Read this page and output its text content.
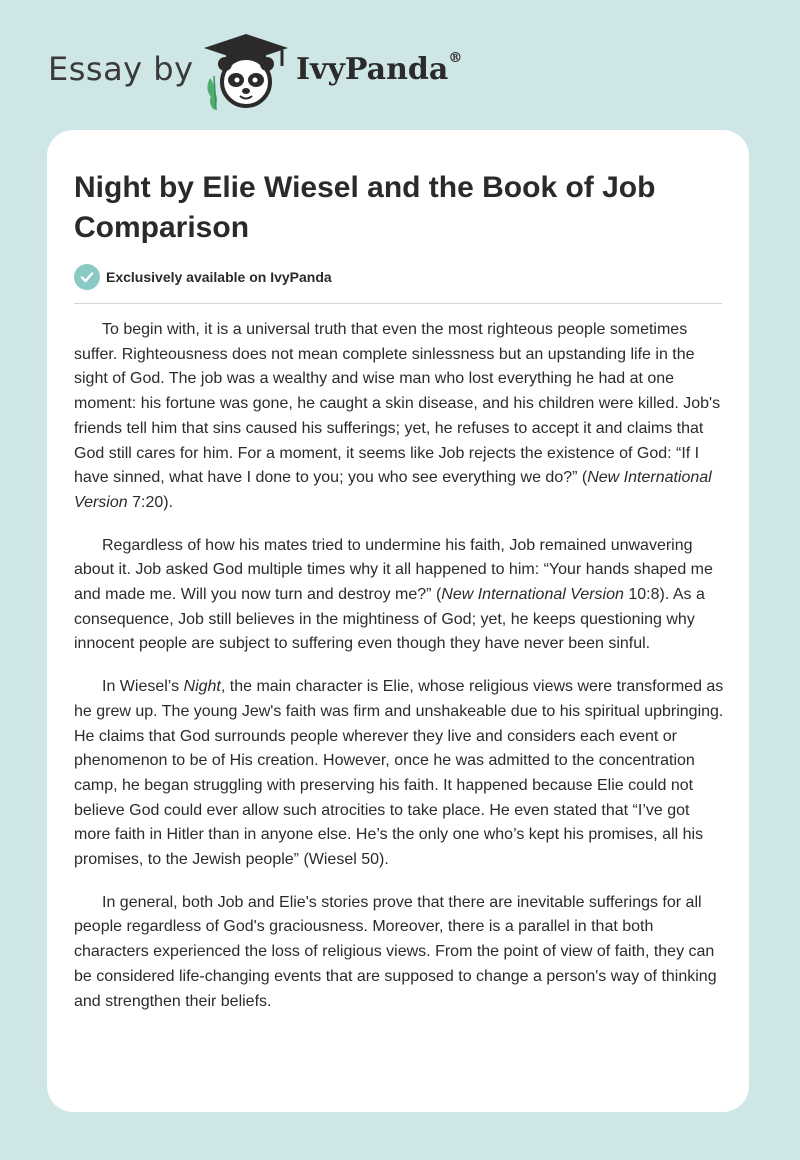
Essay by	IvyPanda®
Night by Elie Wiesel and the Book of Job Comparison
Exclusively available on IvyPanda

To begin with, it is a universal truth that even the most righteous people sometimes suffer. Righteousness does not mean complete sinlessness but an upstanding life in the sight of God. The job was a wealthy and wise man who lost everything he had at one moment: his fortune was gone, he caught a skin disease, and his children were killed. Job's friends tell him that sins caused his sufferings; yet, he refuses to accept it and claims that God still cares for him. For a moment, it seems like Job rejects the existence of God: “If I have sinned, what have I done to you; you who see everything we do?” (New International Version 7:20).

Regardless of how his mates tried to undermine his faith, Job remained unwavering about it. Job asked God multiple times why it all happened to him: “Your hands shaped me and made me. Will you now turn and destroy me?” (New International Version 10:8). As a consequence, Job still believes in the mightiness of God; yet, he keeps questioning why innocent people are subject to suffering even though they have never been sinful.

In Wiesel’s Night, the main character is Elie, whose religious views were transformed as he grew up. The young Jew's faith was firm and unshakeable due to his spiritual upbringing. He claims that God surrounds people wherever they live and considers each event or phenomenon to be of His creation. However, once he was admitted to the concentration camp, he began struggling with preserving his faith. It happened because Elie could not believe God could ever allow such atrocities to take place. He even stated that “I’ve got more faith in Hitler than in anyone else. He’s the only one who’s kept his promises, all his promises, to the Jewish people” (Wiesel 50).

In general, both Job and Elie's stories prove that there are inevitable sufferings for all people regardless of God's graciousness. Moreover, there is a parallel in that both characters experienced the loss of religious views. From the point of view of faith, they can be considered life-changing events that are supposed to change a person's way of thinking and strengthen their beliefs.
